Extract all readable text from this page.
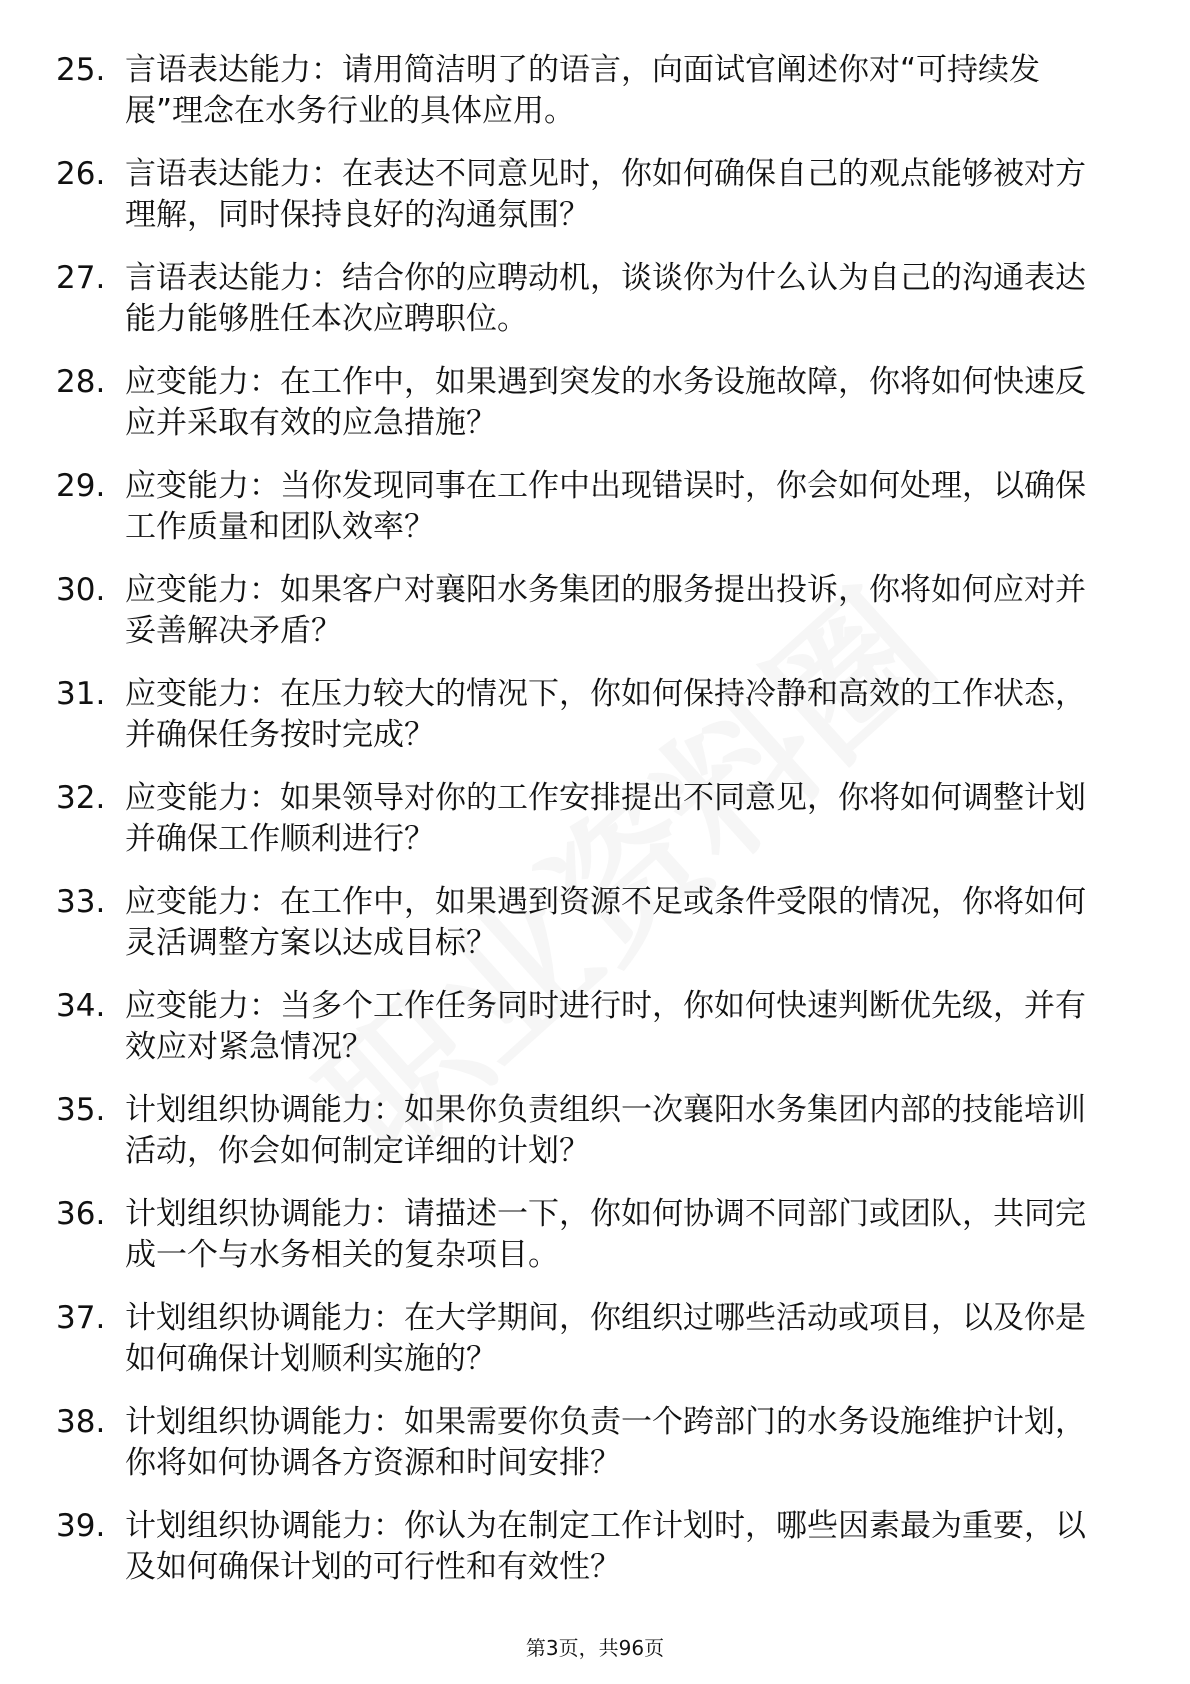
25. 言语表达能力：请用简洁明了的语言，向面试官阐述你对“可持续发展”理念在水务行业的具体应用。
26. 言语表达能力：在表达不同意见时，你如何确保自己的观点能够被对方理解，同时保持良好的沟通氛围？
27. 言语表达能力：结合你的应聘动机，谈谈你为什么认为自己的沟通表达能力能够胜任本次应聘职位。
28. 应变能力：在工作中，如果遇到突发的水务设施故障，你将如何快速反应并采取有效的应急措施？
29. 应变能力：当你发现同事在工作中出现错误时，你会如何处理，以确保工作质量和团队效率？
30. 应变能力：如果客户对襄阳水务集团的服务提出投诉，你将如何应对并妥善解决矛盾？
31. 应变能力：在压力较大的情况下，你如何保持冷静和高效的工作状态，并确保任务按时完成？
32. 应变能力：如果领导对你的工作安排提出不同意见，你将如何调整计划并确保工作顺利进行？
33. 应变能力：在工作中，如果遇到资源不足或条件受限的情况，你将如何灵活调整方案以达成目标？
34. 应变能力：当多个工作任务同时进行时，你如何快速判断优先级，并有效应对紧急情况？
35. 计划组织协调能力：如果你负责组织一次襄阳水务集团内部的技能培训活动，你会如何制定详细的计划？
36. 计划组织协调能力：请描述一下，你如何协调不同部门或团队，共同完成一个与水务相关的复杂项目。
37. 计划组织协调能力：在大学期间，你组织过哪些活动或项目，以及你是如何确保计划顺利实施的？
38. 计划组织协调能力：如果需要你负责一个跨部门的水务设施维护计划，你将如何协调各方资源和时间安排？
39. 计划组织协调能力：你认为在制定工作计划时，哪些因素最为重要，以及如何确保计划的可行性和有效性？
第3页，共96页
